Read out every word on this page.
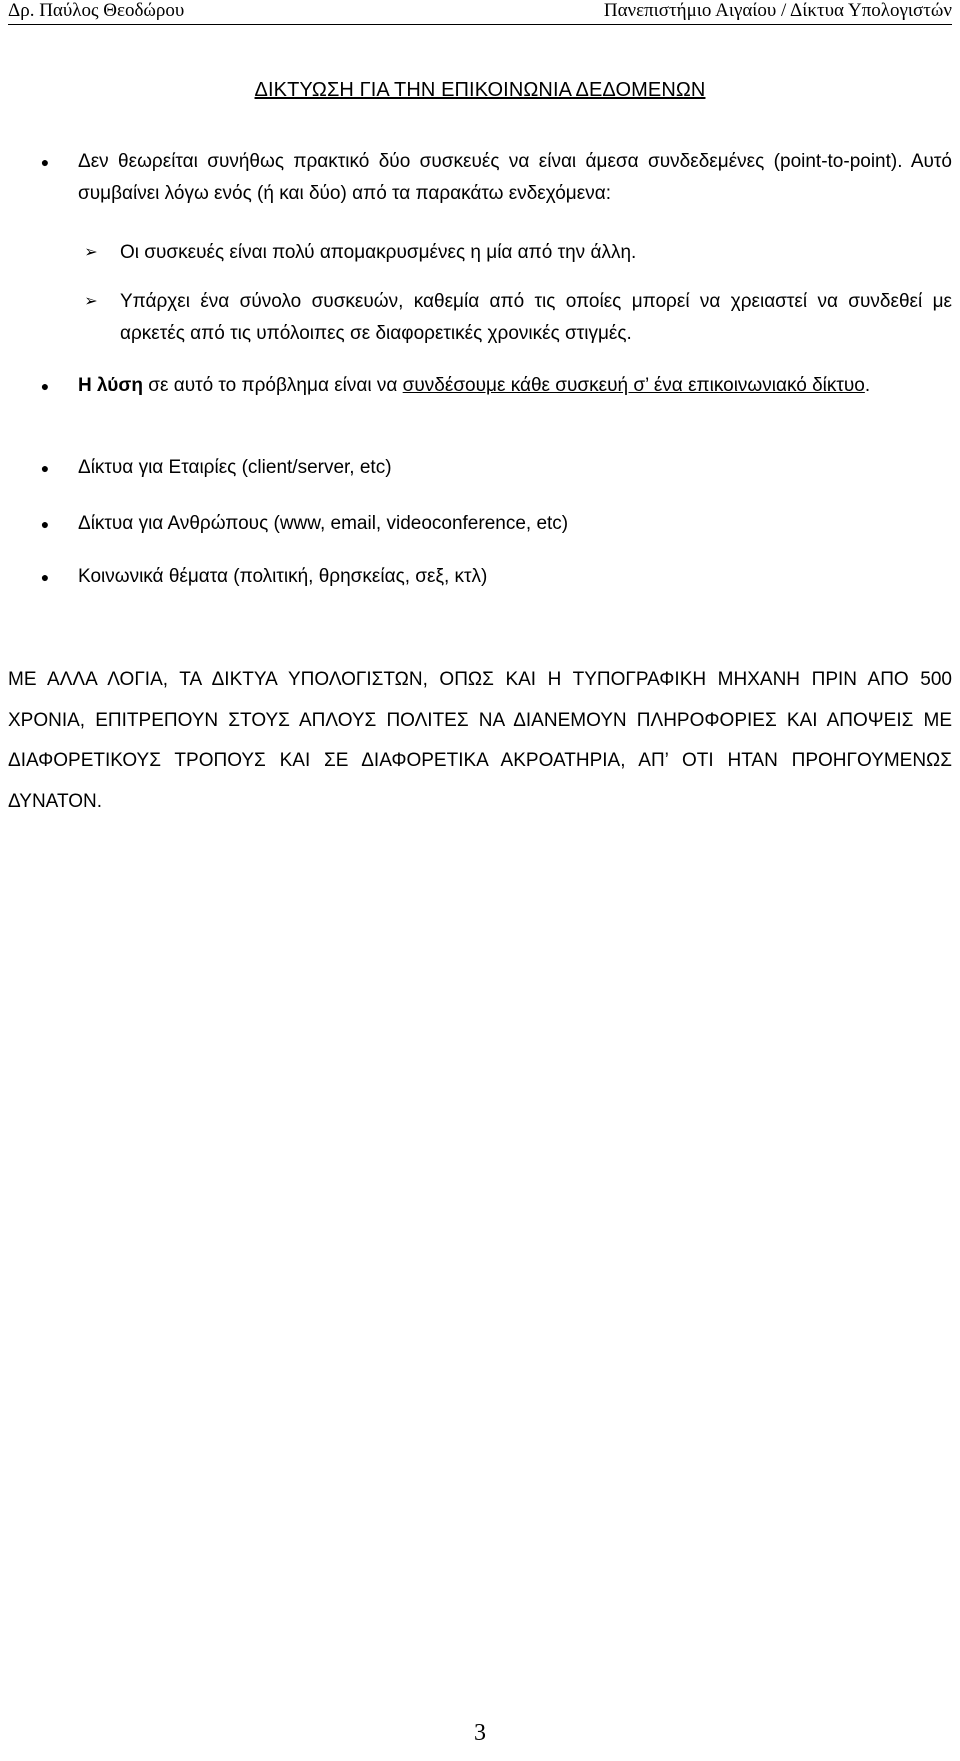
Δρ. Παύλος Θεοδώρου	Πανεπιστήμιο Αιγαίου / Δίκτυα Υπολογιστών
ΔΙΚΤΥΩΣΗ ΓΙΑ ΤΗΝ ΕΠΙΚΟΙΝΩΝΙΑ ΔΕΔΟΜΕΝΩΝ
● Δεν θεωρείται συνήθως πρακτικό δύο συσκευές να είναι άμεσα συνδεδεμένες (point-to-point). Αυτό συμβαίνει λόγω ενός (ή και δύο) από τα παρακάτω ενδεχόμενα:
➢ Οι συσκευές είναι πολύ απομακρυσμένες η μία από την άλλη.
➢ Υπάρχει ένα σύνολο συσκευών, καθεμία από τις οποίες μπορεί να χρειαστεί να συνδεθεί με αρκετές από τις υπόλοιπες σε διαφορετικές χρονικές στιγμές.
● Η λύση σε αυτό το πρόβλημα είναι να συνδέσουμε κάθε συσκευή σ’ ένα επικοινωνιακό δίκτυο.
● Δίκτυα για Εταιρίες (client/server, etc)
● Δίκτυα για Ανθρώπους (www, email, videoconference, etc)
● Κοινωνικά θέματα (πολιτική, θρησκείας, σεξ, κτλ)
ΜΕ ΑΛΛΑ ΛΟΓΙΑ, ΤΑ ΔΙΚΤΥΑ ΥΠΟΛΟΓΙΣΤΩΝ, ΟΠΩΣ ΚΑΙ Η ΤΥΠΟΓΡΑΦΙΚΗ ΜΗΧΑΝΗ ΠΡΙΝ ΑΠΟ 500 ΧΡΟΝΙΑ, ΕΠΙΤΡΕΠΟΥΝ ΣΤΟΥΣ ΑΠΛΟΥΣ ΠΟΛΙΤΕΣ ΝΑ ΔΙΑΝΕΜΟΥΝ ΠΛΗΡΟΦΟΡΙΕΣ ΚΑΙ ΑΠΟΨΕΙΣ ΜΕ ΔΙΑΦΟΡΕΤΙΚΟΥΣ ΤΡΟΠΟΥΣ ΚΑΙ ΣΕ ΔΙΑΦΟΡΕΤΙΚΑ ΑΚΡΟΑΤΗΡΙΑ, ΑΠ’ ΟΤΙ ΗΤΑΝ ΠΡΟΗΓΟΥΜΕΝΩΣ ΔΥΝΑΤΟΝ.
3
